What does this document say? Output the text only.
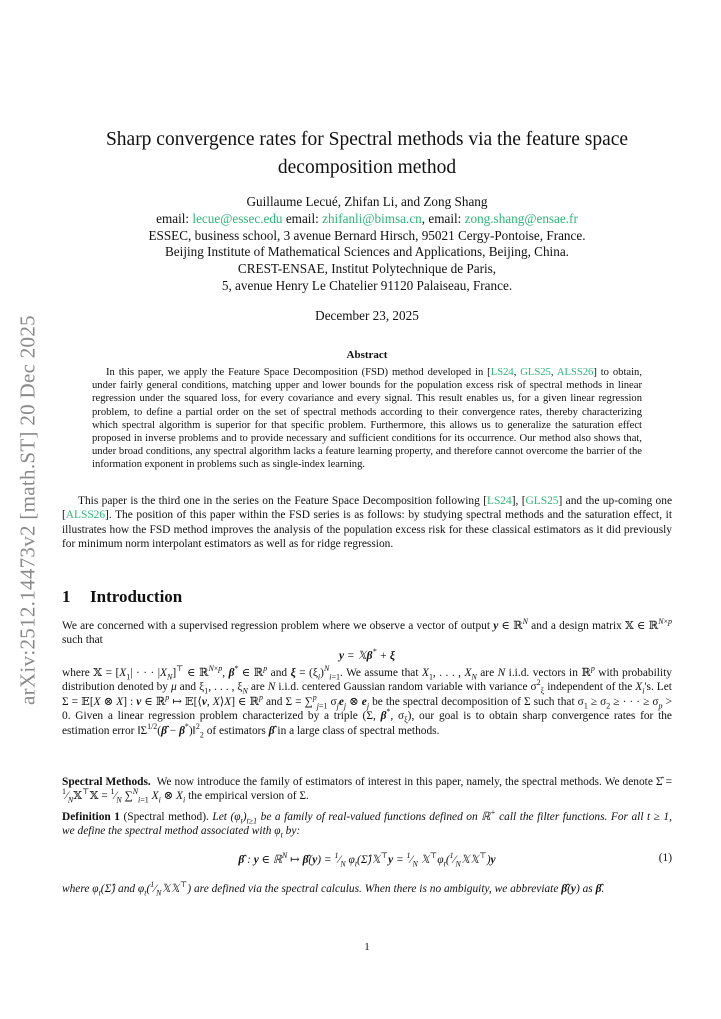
arXiv:2512.14473v2 [math.ST] 20 Dec 2025
Sharp convergence rates for Spectral methods via the feature space decomposition method
Guillaume Lecué, Zhifan Li, and Zong Shang
email: lecue@essec.edu email: zhifanli@bimsa.cn, email: zong.shang@ensae.fr
ESSEC, business school, 3 avenue Bernard Hirsch, 95021 Cergy-Pontoise, France.
Beijing Institute of Mathematical Sciences and Applications, Beijing, China.
CREST-ENSAE, Institut Polytechnique de Paris,
5, avenue Henry Le Chatelier 91120 Palaiseau, France.
December 23, 2025
Abstract

In this paper, we apply the Feature Space Decomposition (FSD) method developed in [LS24, GLS25, ALSS26] to obtain, under fairly general conditions, matching upper and lower bounds for the population excess risk of spectral methods in linear regression under the squared loss, for every covariance and every signal. This result enables us, for a given linear regression problem, to define a partial order on the set of spectral methods according to their convergence rates, thereby characterizing which spectral algorithm is superior for that specific problem. Furthermore, this allows us to generalize the saturation effect proposed in inverse problems and to provide necessary and sufficient conditions for its occurrence. Our method also shows that, under broad conditions, any spectral algorithm lacks a feature learning property, and therefore cannot overcome the barrier of the information exponent in problems such as single-index learning.

This paper is the third one in the series on the Feature Space Decomposition following [LS24], [GLS25] and the up-coming one [ALSS26]. The position of this paper within the FSD series is as follows: by studying spectral methods and the saturation effect, it illustrates how the FSD method improves the analysis of the population excess risk for these classical estimators as it did previously for minimum norm interpolant estimators as well as for ridge regression.

1 Introduction

We are concerned with a supervised regression problem where we observe a vector of output y ∈ ℝ$^N$ and a design matrix 𝕏 ∈ ℝ$^{N\times p}$ such that

y = 𝕏β* + ξ

where 𝕏 = [$X_1|$ · · · $|X_N]^⊤$ ∈ ℝ$^{N\times p}$, β* ∈ ℝ$^p$ and $\xi = (\xi_i)^N_{i=1}$. We assume that $X_1$, . . . , $X_N$ are N i.i.d. vectors in ℝ$^p$ with probability distribution denoted by μ and $\xi_1$, . . . , $\xi_N$ are N i.i.d. centered Gaussian random variable with variance $\sigma^2_\xi$ independent of the $X_i's$. Let Σ = 𝔼[X ⊗ X] : v ∈ ℝ$^p$ ↦ 𝔼[⟨v, X⟩X] ∈ ℝ$^p$ and Σ = ∑$^p_{j=1}$ $\sigma_je_j$ ⊗ $e_j$ be the spectral decomposition of Σ such that $\sigma_1 \ge \sigma_2$ ≥ · · · ≥ $\sigma_p > 0$. Given a linear regression problem characterized by a triple (Σ, β*, $\sigma_\xi$), our goal is to obtain sharp convergence rates for the estimation error $‖\Sigma^{1/2}(\betâ$ − β*)‖$^2_2$ of estimators β̂ in a large class of spectral methods.

Spectral Methods.  We now introduce the family of estimators of interest in this paper, namely, the spectral methods. We denote Σ̂ = $^1⁄_N𝕏^⊤𝕏$ = $^1⁄_N$ ∑$^N_{i=1}$ $X_i$ ⊗ $X_i$ the empirical version of Σ.

Definition 1 (Spectral method). Let $(\varphi_t)_{t\ge 1}$ be a family of real-valued functions defined on ℝ+ call the filter functions. For all t ≥ 1, we define the spectral method associated with $\varphi_t$ by:

β̂ : y ∈ ℝ$^N$ ↦ β̂(y) = $^1⁄_N$ $\varphi_t(\Sigmâ)𝕏^⊤y$ = $^1⁄_N$ $𝕏^⊤\varphi_t(^1⁄_N𝕏𝕏^⊤)y$	(1)

where $\varphi_t(\Sigmâ)$ and $\varphi_t(^1⁄_N𝕏𝕏^⊤)$ are defined via the spectral calculus. When there is no ambiguity, we abbreviate β̂(y) as β̂.

1
